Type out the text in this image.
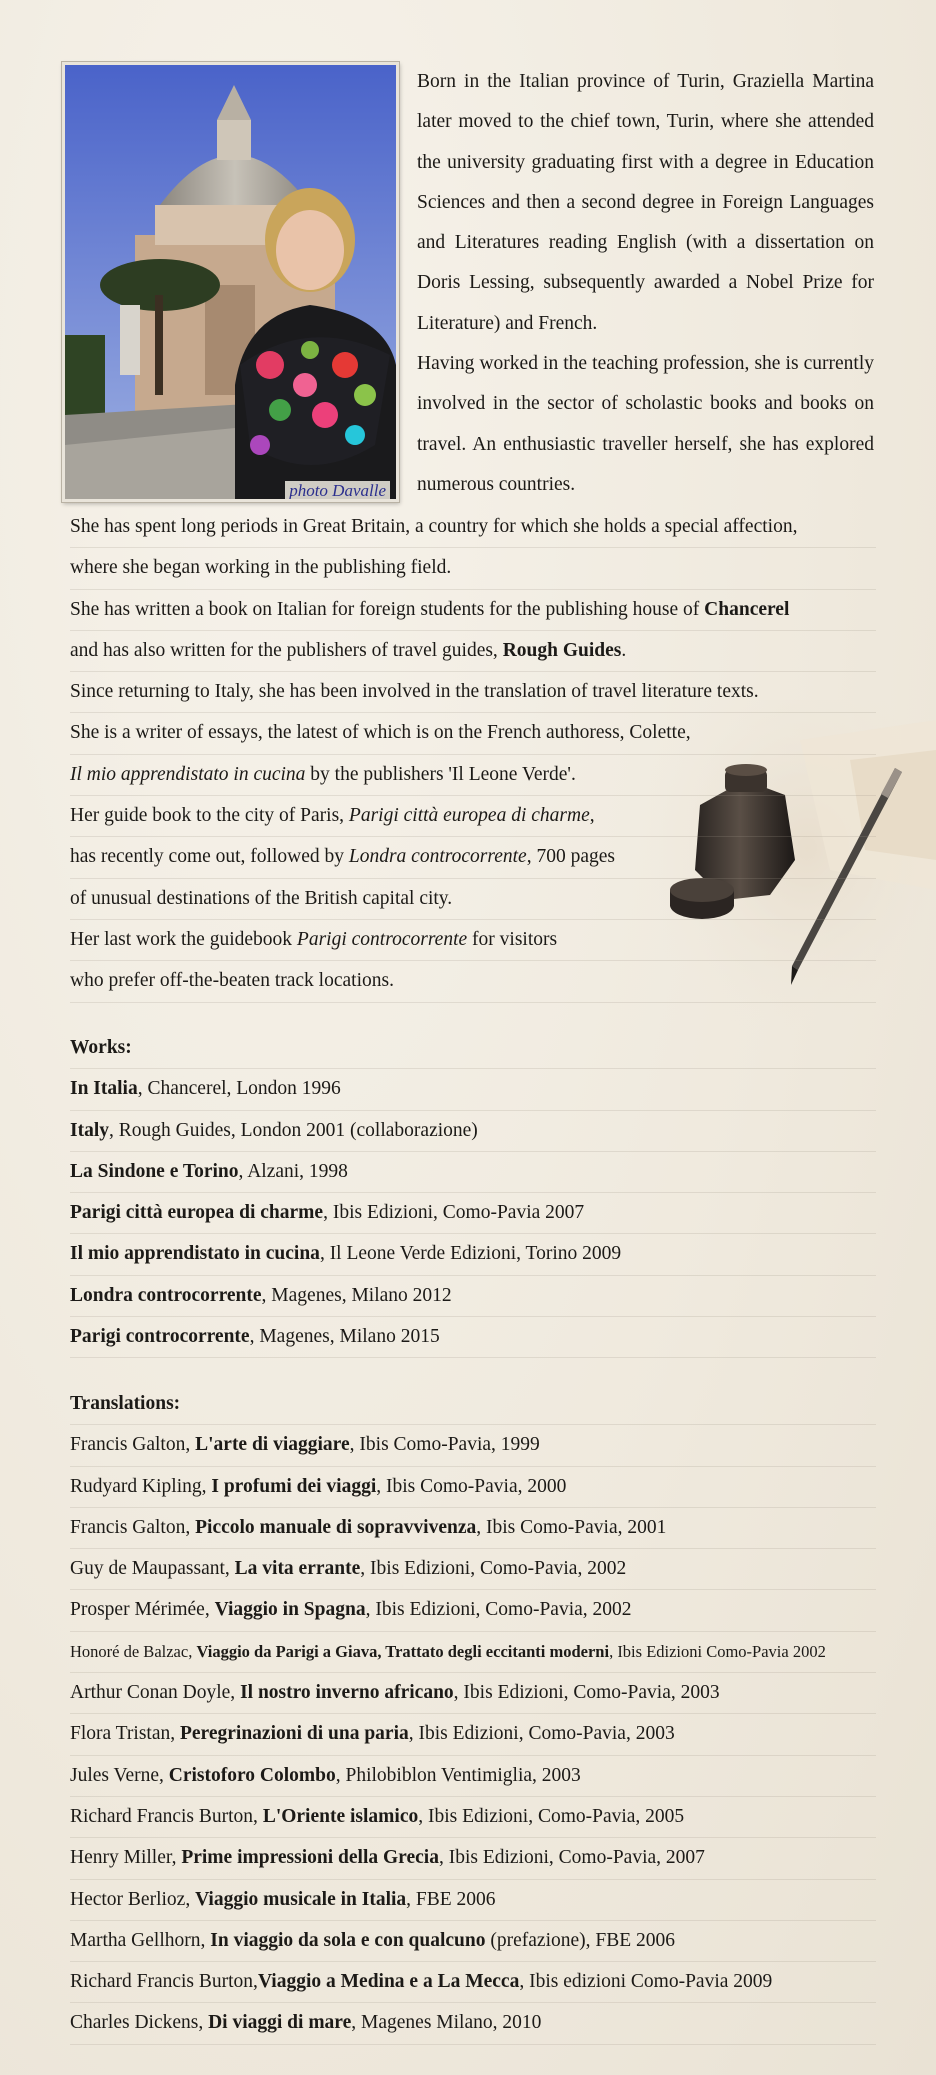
photo Davalle

Born in the Italian province of Turin, Graziella Martina later moved to the chief town, Turin, where she attended the university graduating first with a degree in Education Sciences and then a second degree in Foreign Languages and Literatures reading English (with a dissertation on Doris Lessing, subsequently awarded a Nobel Prize for Literature) and French.

Having worked in the teaching profession, she is currently involved in the sector of scholastic books and books on travel. An enthusiastic traveller herself, she has explored numerous countries.

She has spent long periods in Great Britain, a country for which she holds a special affection,
where she began working in the publishing field.
She has written a book on Italian for foreign students for the publishing house of Chancerel
and has also written for the publishers of travel guides, Rough Guides.
Since returning to Italy, she has been involved in the translation of travel literature texts.
She is a writer of essays, the latest of which is on the French authoress, Colette,
Il mio apprendistato in cucina by the publishers 'Il Leone Verde'.
Her guide book to the city of Paris, Parigi città europea di charme,
has recently come out, followed by Londra controcorrente, 700 pages
of unusual destinations of the British capital city.
Her last work the guidebook Parigi controcorrente for visitors
who prefer off-the-beaten track locations.
Works:
In Italia, Chancerel, London 1996
Italy, Rough Guides, London 2001 (collaborazione)
La Sindone e Torino, Alzani, 1998
Parigi città europea di charme, Ibis Edizioni, Como-Pavia 2007
Il mio apprendistato in cucina, Il Leone Verde Edizioni, Torino 2009
Londra controcorrente, Magenes, Milano 2012
Parigi controcorrente, Magenes, Milano 2015
Translations:
Francis Galton, L'arte di viaggiare, Ibis Como-Pavia, 1999
Rudyard Kipling, I profumi dei viaggi, Ibis Como-Pavia, 2000
Francis Galton, Piccolo manuale di sopravvivenza, Ibis Como-Pavia, 2001
Guy de Maupassant, La vita errante, Ibis Edizioni, Como-Pavia, 2002
Prosper Mérimée, Viaggio in Spagna, Ibis Edizioni, Como-Pavia, 2002
Honoré de Balzac, Viaggio da Parigi a Giava, Trattato degli eccitanti moderni, Ibis Edizioni Como-Pavia 2002
Arthur Conan Doyle, Il nostro inverno africano, Ibis Edizioni, Como-Pavia, 2003
Flora Tristan, Peregrinazioni di una paria, Ibis Edizioni, Como-Pavia, 2003
Jules Verne, Cristoforo Colombo, Philobiblon Ventimiglia, 2003
Richard Francis Burton, L'Oriente islamico, Ibis Edizioni, Como-Pavia, 2005
Henry Miller, Prime impressioni della Grecia, Ibis Edizioni, Como-Pavia, 2007
Hector Berlioz, Viaggio musicale in Italia, FBE 2006
Martha Gellhorn, In viaggio da sola e con qualcuno (prefazione), FBE 2006
Richard Francis Burton,Viaggio a Medina e a La Mecca, Ibis edizioni Como-Pavia 2009
Charles Dickens, Di viaggi di mare, Magenes Milano, 2010
